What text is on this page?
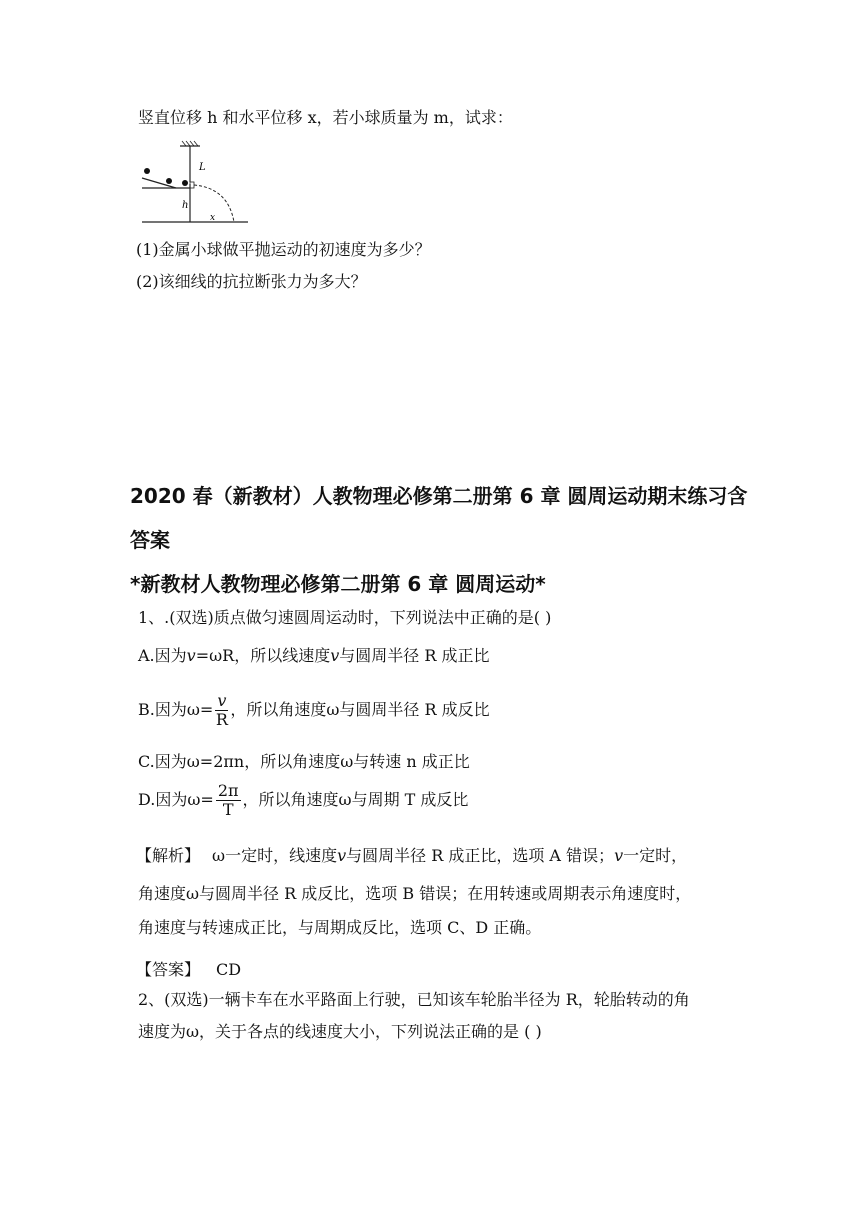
竖直位移 h 和水平位移 x，若小球质量为 m，试求：
L
h
x
(1)金属小球做平抛运动的初速度为多少？
(2)该细线的抗拉断张力为多大？
2020 春（新教材）人教物理必修第二册第 6 章 圆周运动期末练习含
答案
*新教材人教物理必修第二册第 6 章 圆周运动*
1、.(双选)质点做匀速圆周运动时，下列说法中正确的是( )
A.因为v=ωR，所以线速度v与圆周半径 R 成正比
B.因为$\omega= \frac{v}{R}$ ，所以角速度ω与圆周半径 R 成反比
C.因为ω=2πn，所以角速度ω与转速 n 成正比
D.因为$\omega= \frac{2\pi}{T}$ ，所以角速度ω与周期 T 成反比
【解析】 ω一定时，线速度v与圆周半径 R 成正比，选项 A 错误；v一定时，
角速度ω与圆周半径 R 成反比，选项 B 错误；在用转速或周期表示角速度时，
角速度与转速成正比，与周期成反比，选项 C、D 正确。
【答案】 CD
2、(双选)一辆卡车在水平路面上行驶，已知该车轮胎半径为 R，轮胎转动的角
速度为ω，关于各点的线速度大小，下列说法正确的是 ( )
